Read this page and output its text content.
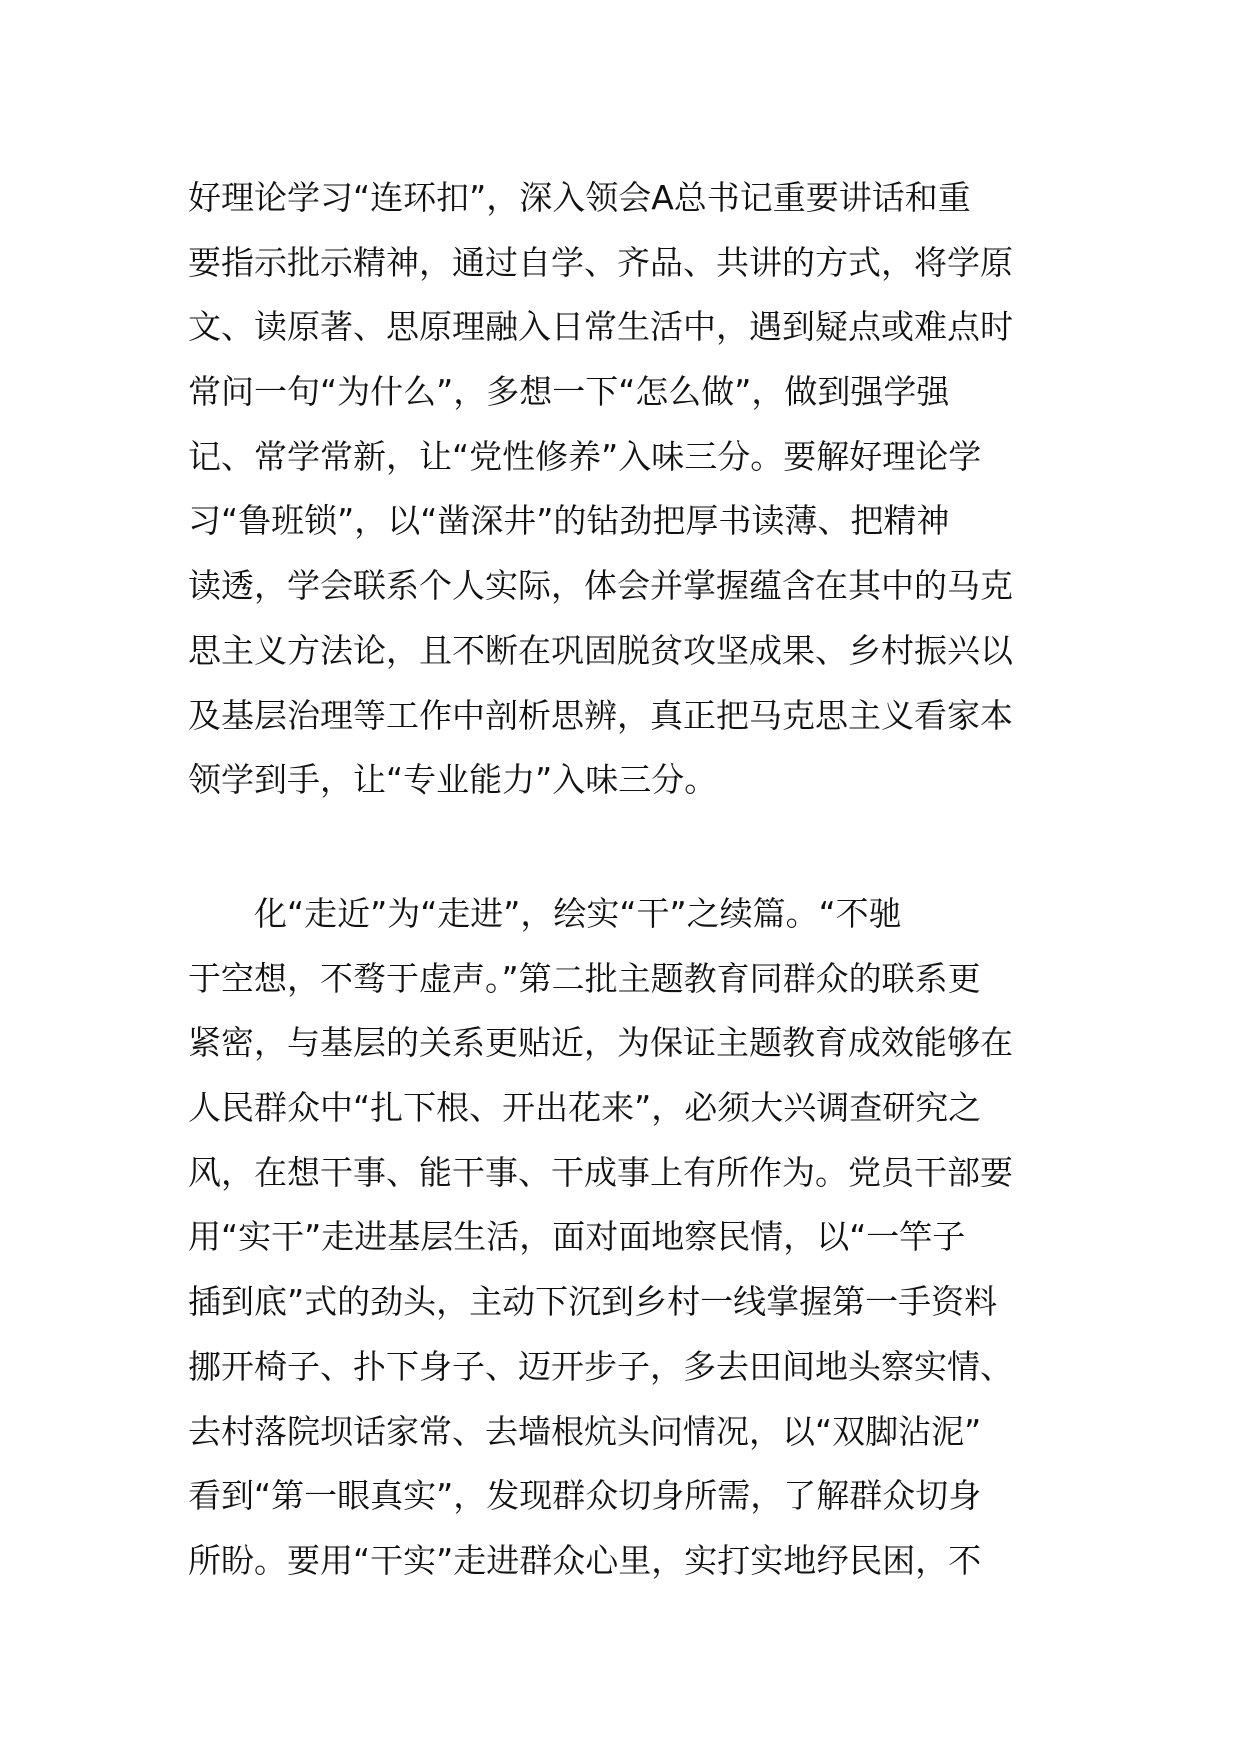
好理论学习“连环扣”，深入领会A总书记重要讲话和重
要指示批示精神，通过自学、齐品、共讲的方式，将学原
文、读原著、思原理融入日常生活中，遇到疑点或难点时
常问一句“为什么”，多想一下“怎么做”，做到强学强
记、常学常新，让“党性修养”入味三分。要解好理论学
习“鲁班锁”，以“凿深井”的钻劲把厚书读薄、把精神
读透，学会联系个人实际，体会并掌握蕴含在其中的马克
思主义方法论，且不断在巩固脱贫攻坚成果、乡村振兴以
及基层治理等工作中剖析思辨，真正把马克思主义看家本
领学到手，让“专业能力”入味三分。
　　化“走近”为“走进”，绘实“干”之续篇。“不驰
于空想，不骛于虚声。”第二批主题教育同群众的联系更
紧密，与基层的关系更贴近，为保证主题教育成效能够在
人民群众中“扎下根、开出花来”，必须大兴调查研究之
风，在想干事、能干事、干成事上有所作为。党员干部要
用“实干”走进基层生活，面对面地察民情，以“一竿子
插到底”式的劲头，主动下沉到乡村一线掌握第一手资料
挪开椅子、扑下身子、迈开步子，多去田间地头察实情、
去村落院坝话家常、去墙根炕头问情况，以“双脚沾泥”
看到“第一眼真实”，发现群众切身所需，了解群众切身
所盼。要用“干实”走进群众心里，实打实地纾民困，不
